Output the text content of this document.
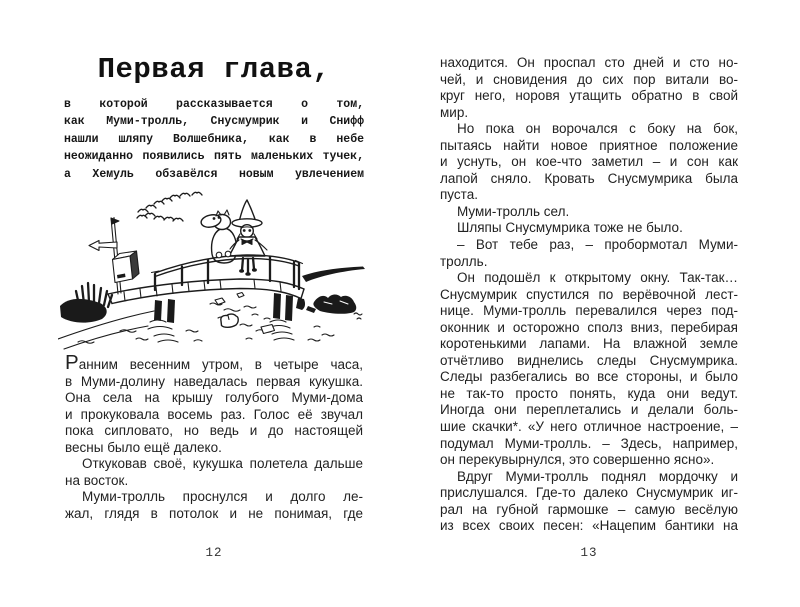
Первая глава,
в которой рассказывается о том,
как Муми-тролль, Снусмумрик и Снифф
нашли шляпу Волшебника, как в небе
неожиданно появились пять маленьких тучек,
а Хемуль обзавёлся новым увлечением

Ранним весенним утром, в четыре часа,
в Муми-долину наведалась первая кукушка.
Она села на крышу голубого Муми-дома
и прокуковала восемь раз. Голос её звучал
пока сипловато, но ведь и до настоящей
весны было ещё далеко.

Откуковав своё, кукушка полетела дальше
на восток.

Муми-тролль проснулся и долго ле-
жал, глядя в потолок и не понимая, где

12

находится. Он проспал сто дней и сто но-
чей, и сновидения до сих пор витали во-
круг него, норовя утащить обратно в свой
мир.

Но пока он ворочался с боку на бок,
пытаясь найти новое приятное положение
и уснуть, он кое-что заметил – и сон как
лапой сняло. Кровать Снусмумрика была
пуста.

Муми-тролль сел.

Шляпы Снусмумрика тоже не было.

– Вот тебе раз, – пробормотал Муми-
тролль.

Он подошёл к открытому окну. Так-так…
Снусмумрик спустился по верёвочной лест-
нице. Муми-тролль перевалился через под-
оконник и осторожно сполз вниз, перебирая
коротенькими лапами. На влажной земле
отчётливо виднелись следы Снусмумрика.
Следы разбегались во все стороны, и было
не так-то просто понять, куда они ведут.
Иногда они переплетались и делали боль-
шие скачки*. «У него отличное настроение, –
подумал Муми-тролль. – Здесь, например,
он перекувырнулся, это совершенно ясно».

Вдруг Муми-тролль поднял мордочку и
прислушался. Где-то далеко Снусмумрик иг-
рал на губной гармошке – самую весёлую
из всех своих песен: «Нацепим бантики на

13
